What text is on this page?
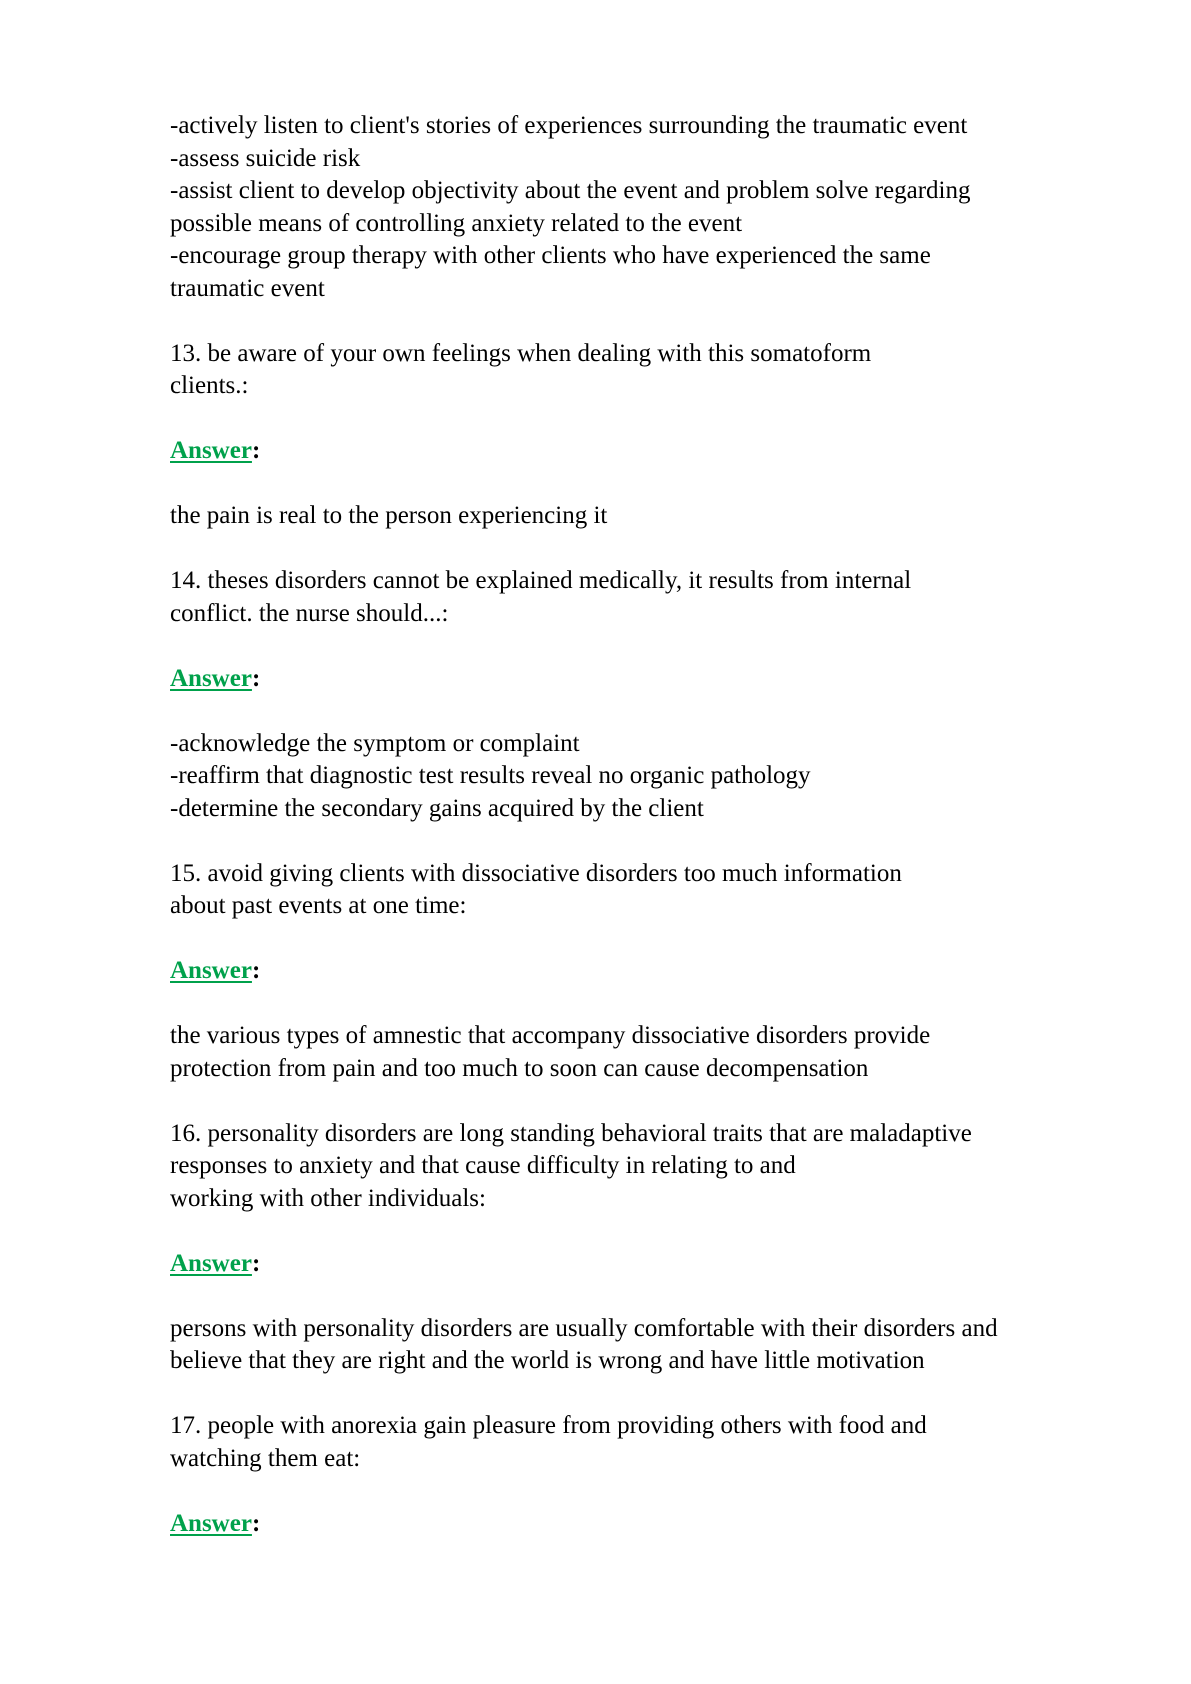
-actively listen to client's stories of experiences surrounding the traumatic event
-assess suicide risk
-assist client to develop objectivity about the event and problem solve regarding
possible means of controlling anxiety related to the event
-encourage group therapy with other clients who have experienced the same
traumatic event
13. be aware of your own feelings when dealing with this somatoform
clients.:
Answer:
the pain is real to the person experiencing it
14. theses disorders cannot be explained medically, it results from internal
conflict. the nurse should...:
Answer:
-acknowledge the symptom or complaint
-reaffirm that diagnostic test results reveal no organic pathology
-determine the secondary gains acquired by the client
15. avoid giving clients with dissociative disorders too much information
about past events at one time:
Answer:
the various types of amnestic that accompany dissociative disorders provide
protection from pain and too much to soon can cause decompensation
16. personality disorders are long standing behavioral traits that are maladaptive
responses to anxiety and that cause difficulty in relating to and
working with other individuals:
Answer:
persons with personality disorders are usually comfortable with their disorders and
believe that they are right and the world is wrong and have little motivation
17. people with anorexia gain pleasure from providing others with food and
watching them eat:
Answer:
